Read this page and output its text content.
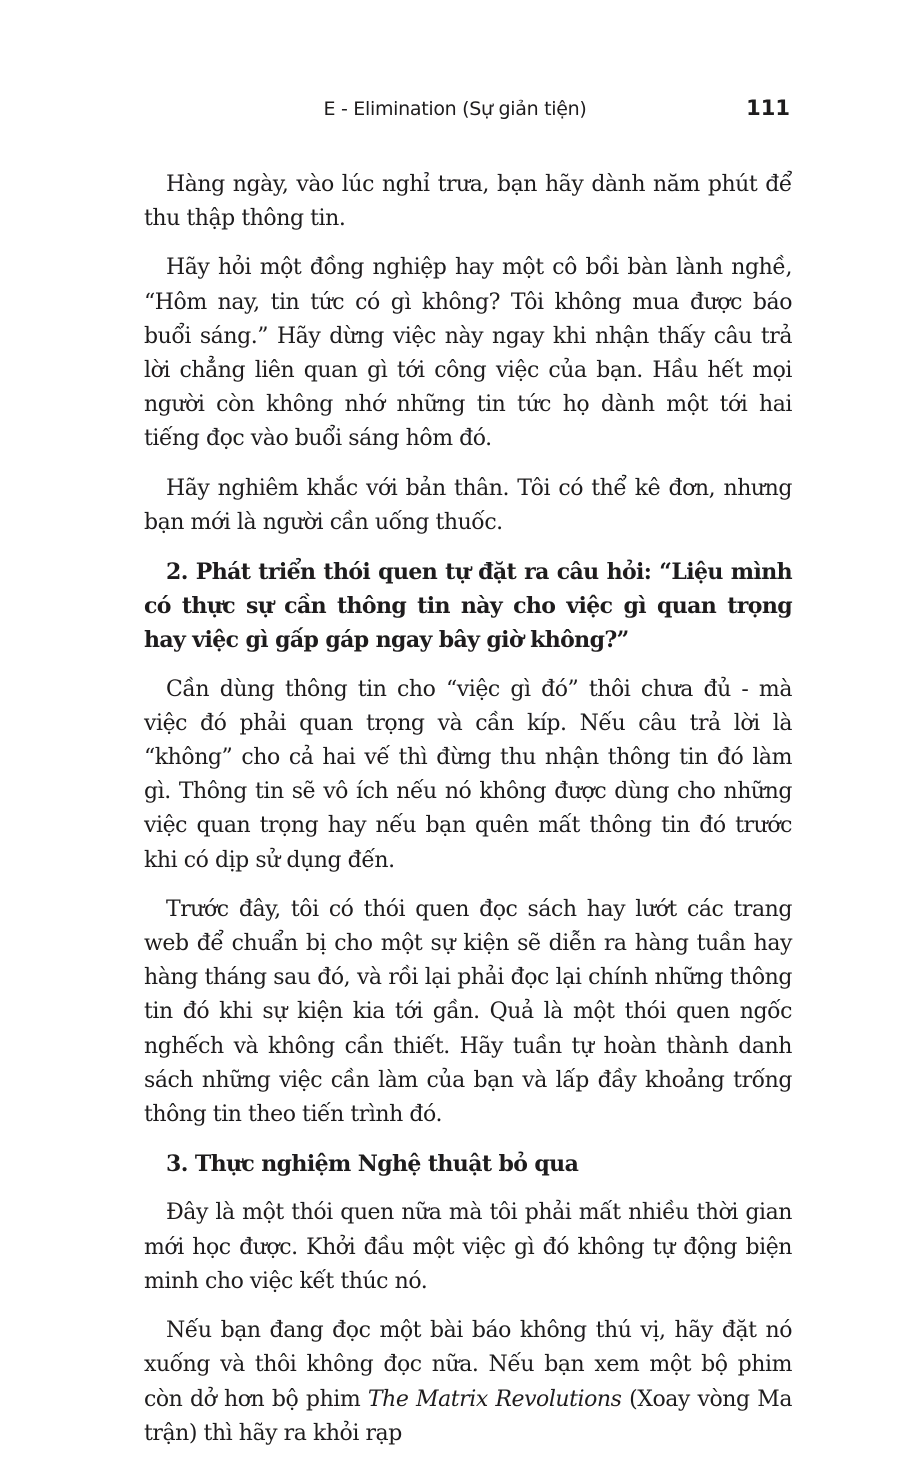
E - Elimination (Sự giản tiện)	111

Hàng ngày, vào lúc nghỉ trưa, bạn hãy dành năm phút để thu thập thông tin.

Hãy hỏi một đồng nghiệp hay một cô bồi bàn lành nghề, “Hôm nay, tin tức có gì không? Tôi không mua được báo buổi sáng.” Hãy dừng việc này ngay khi nhận thấy câu trả lời chẳng liên quan gì tới công việc của bạn. Hầu hết mọi người còn không nhớ những tin tức họ dành một tới hai tiếng đọc vào buổi sáng hôm đó.

Hãy nghiêm khắc với bản thân. Tôi có thể kê đơn, nhưng bạn mới là người cần uống thuốc.

2. Phát triển thói quen tự đặt ra câu hỏi: “Liệu mình có thực sự cần thông tin này cho việc gì quan trọng hay việc gì gấp gáp ngay bây giờ không?”

Cần dùng thông tin cho “việc gì đó” thôi chưa đủ - mà việc đó phải quan trọng và cần kíp. Nếu câu trả lời là “không” cho cả hai vế thì đừng thu nhận thông tin đó làm gì. Thông tin sẽ vô ích nếu nó không được dùng cho những việc quan trọng hay nếu bạn quên mất thông tin đó trước khi có dịp sử dụng đến.

Trước đây, tôi có thói quen đọc sách hay lướt các trang web để chuẩn bị cho một sự kiện sẽ diễn ra hàng tuần hay hàng tháng sau đó, và rồi lại phải đọc lại chính những thông tin đó khi sự kiện kia tới gần. Quả là một thói quen ngốc nghếch và không cần thiết. Hãy tuần tự hoàn thành danh sách những việc cần làm của bạn và lấp đầy khoảng trống thông tin theo tiến trình đó.

3. Thực nghiệm Nghệ thuật bỏ qua

Đây là một thói quen nữa mà tôi phải mất nhiều thời gian mới học được. Khởi đầu một việc gì đó không tự động biện minh cho việc kết thúc nó.

Nếu bạn đang đọc một bài báo không thú vị, hãy đặt nó xuống và thôi không đọc nữa. Nếu bạn xem một bộ phim còn dở hơn bộ phim The Matrix Revolutions (Xoay vòng Ma trận) thì hãy ra khỏi rạp
